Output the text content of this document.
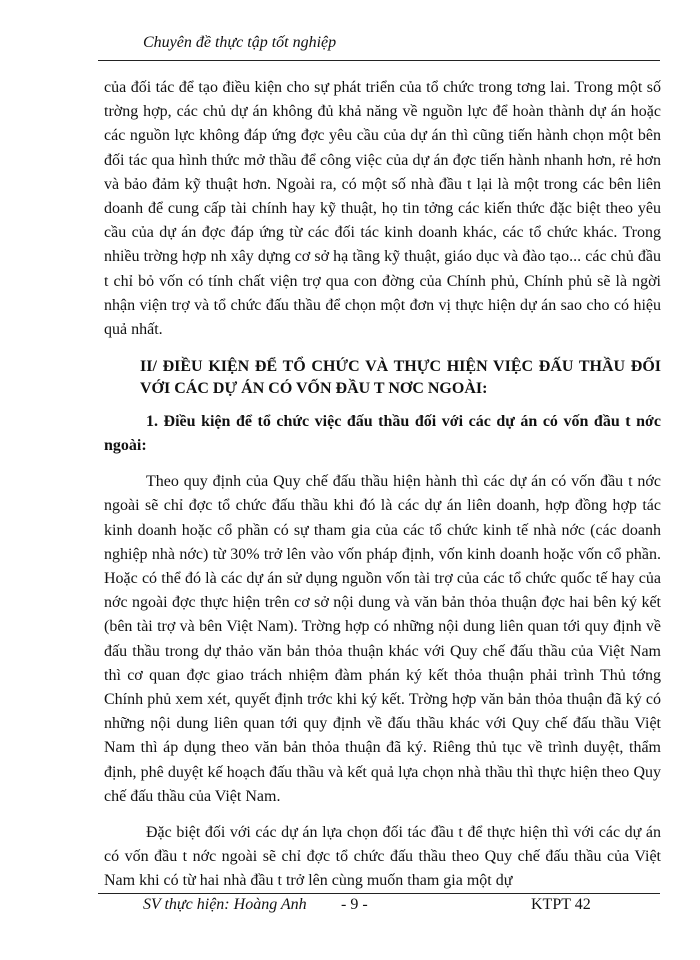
Chuyên đề thực tập tốt nghiệp

của đối tác để tạo điều kiện cho sự phát triển của tổ chức trong tơng lai. Trong một số trờng hợp, các chủ dự án không đủ khả năng về nguồn lực để hoàn thành dự án hoặc các nguồn lực không đáp ứng đợc yêu cầu của dự án thì cũng tiến hành chọn một bên đối tác qua hình thức mở thầu để công việc của dự án đợc tiến hành nhanh hơn, rẻ hơn và bảo đảm kỹ thuật hơn. Ngoài ra, có một số nhà đầu t lại là một trong các bên liên doanh để cung cấp tài chính hay kỹ thuật, họ tin tởng các kiến thức đặc biệt theo yêu cầu của dự án đợc đáp ứng từ các đối tác kinh doanh khác, các tổ chức khác. Trong nhiều trờng hợp nh xây dựng cơ sở hạ tầng kỹ thuật, giáo dục và đào tạo... các chủ đầu t chỉ bỏ vốn có tính chất viện trợ qua con đờng của Chính phủ, Chính phủ sẽ là ngời nhận viện trợ và tổ chức đấu thầu để chọn một đơn vị thực hiện dự án sao cho có hiệu quả nhất.

II/ ĐIỀU KIỆN ĐỂ TỔ CHỨC VÀ THỰC HIỆN VIỆC ĐẤU THẦU ĐỐI VỚI CÁC DỰ ÁN CÓ VỐN ĐẦU T NƠC NGOÀI:

1. Điều kiện để tổ chức việc đấu thầu đối với các dự án có vốn đầu t nớc ngoài:

Theo quy định của Quy chế đấu thầu hiện hành thì các dự án có vốn đầu t nớc ngoài sẽ chỉ đợc tổ chức đấu thầu khi đó là các dự án liên doanh, hợp đồng hợp tác kinh doanh hoặc cổ phần có sự tham gia của các tổ chức kinh tế nhà nớc (các doanh nghiệp nhà nớc) từ 30% trở lên vào vốn pháp định, vốn kinh doanh hoặc vốn cổ phần. Hoặc có thể đó là các dự án sử dụng nguồn vốn tài trợ của các tổ chức quốc tế hay của nớc ngoài đợc thực hiện trên cơ sở nội dung và văn bản thỏa thuận đợc hai bên ký kết (bên tài trợ và bên Việt Nam). Trờng hợp có những nội dung liên quan tới quy định về đấu thầu trong dự thảo văn bản thỏa thuận khác với Quy chế đấu thầu của Việt Nam thì cơ quan đợc giao trách nhiệm đàm phán ký kết thỏa thuận phải trình Thủ tớng Chính phủ xem xét, quyết định trớc khi ký kết. Trờng hợp văn bản thỏa thuận đã ký có những nội dung liên quan tới quy định về đấu thầu khác với Quy chế đấu thầu Việt Nam thì áp dụng theo văn bản thỏa thuận đã ký. Riêng thủ tục về trình duyệt, thẩm định, phê duyệt kế hoạch đấu thầu và kết quả lựa chọn nhà thầu thì thực hiện theo Quy chế đấu thầu của Việt Nam.

Đặc biệt đối với các dự án lựa chọn đối tác đầu t để thực hiện thì với các dự án có vốn đầu t nớc ngoài sẽ chỉ đợc tổ chức đấu thầu theo Quy chế đấu thầu của Việt Nam khi có từ hai nhà đầu t trở lên cùng muốn tham gia một dự

SV thực hiện: Hoàng Anh - 9 -	KTPT 42
